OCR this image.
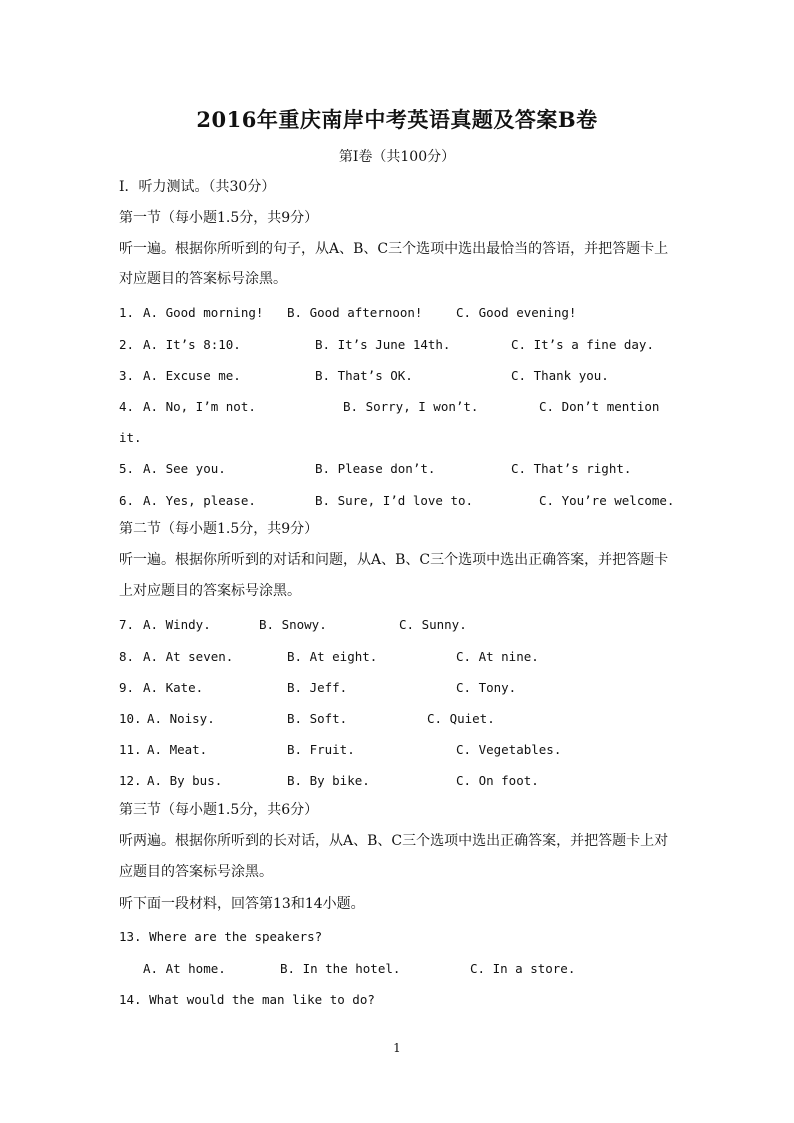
2016年重庆南岸中考英语真题及答案B卷
第I卷（共100分）
I．听力测试。（共30分）
第一节（每小题1.5分，共9分）
听一遍。根据你所听到的句子，从A、B、C三个选项中选出最恰当的答语，并把答题卡上
对应题目的答案标号涂黑。
1. A. Good morning! B. Good afternoon!	C. Good evening!
2. A. It’s 8:10.	B. It’s June 14th.	C. It’s a fine day.
3. A. Excuse me.	B. That’s OK.	C. Thank you.
4. A. No, I’m not.	B. Sorry, I won’t.	C. Don’t mention
it.
5. A. See you.	B. Please don’t.	C. That’s right.
6. A. Yes, please.	B. Sure, I’d love to.	C. You’re welcome.
第二节（每小题1.5分，共9分）
听一遍。根据你所听到的对话和问题，从A、B、C三个选项中选出正确答案，并把答题卡
上对应题目的答案标号涂黑。
7. A. Windy.	B. Snowy.	C. Sunny.
8. A. At seven.	B. At eight.	C. At nine.
9. A. Kate.	B. Jeff.	C. Tony.
10. A. Noisy.	B. Soft.	C. Quiet.
11. A. Meat.	B. Fruit.	C. Vegetables.
12. A. By bus.	B. By bike.	C. On foot.
第三节（每小题1.5分，共6分）
听两遍。根据你所听到的长对话，从A、B、C三个选项中选出正确答案，并把答题卡上对
应题目的答案标号涂黑。
听下面一段材料，回答第13和14小题。
13. Where are the speakers?
A. At home.	B. In the hotel.	C. In a store.
14. What would the man like to do?
1
